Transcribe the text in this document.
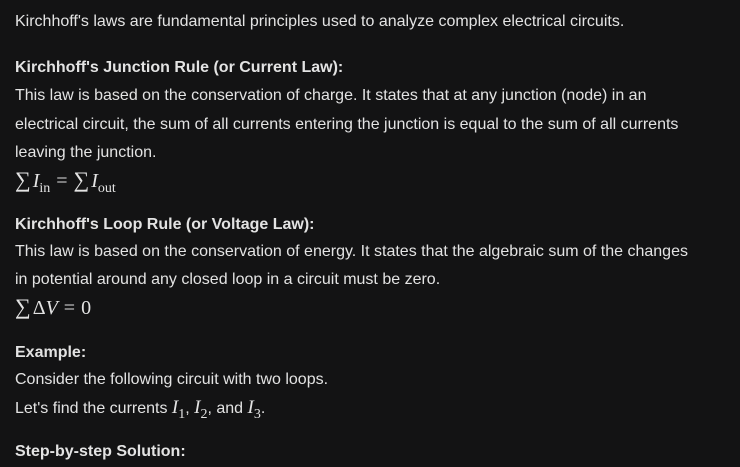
Kirchhoff's laws are fundamental principles used to analyze complex electrical circuits.
Kirchhoff's Junction Rule (or Current Law):
This law is based on the conservation of charge. It states that at any junction (node) in an
electrical circuit, the sum of all currents entering the junction is equal to the sum of all currents
leaving the junction.
∑ $I_{in}$ = ∑ $I_{out}$
Kirchhoff's Loop Rule (or Voltage Law):
This law is based on the conservation of energy. It states that the algebraic sum of the changes
in potential around any closed loop in a circuit must be zero.
∑ ΔV = 0
Example:
Consider the following circuit with two loops.
Let's find the currents $I_1$, $I_2$, and $I_3$.
Step-by-step Solution:
